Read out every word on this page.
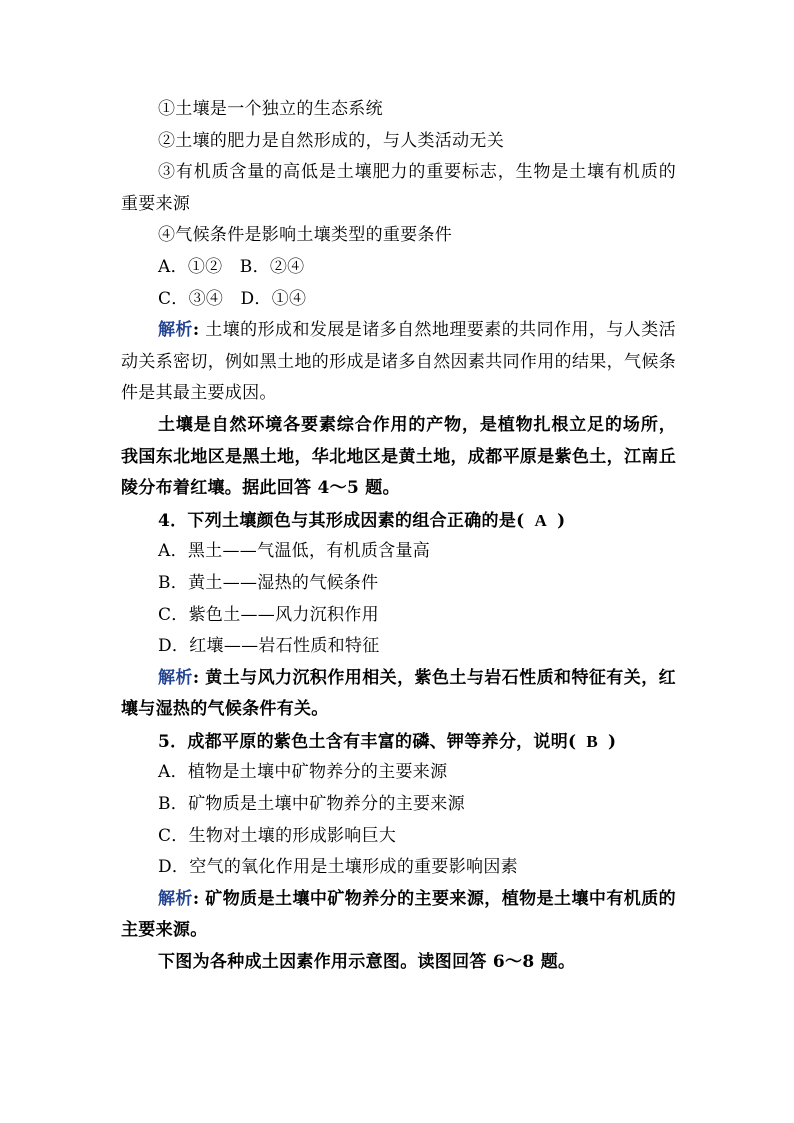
①土壤是一个独立的生态系统
②土壤的肥力是自然形成的，与人类活动无关
③有机质含量的高低是土壤肥力的重要标志，生物是土壤有机质的重要来源
④气候条件是影响土壤类型的重要条件
A．①②　B．②④
C．③④　D．①④
解析: 土壤的形成和发展是诸多自然地理要素的共同作用，与人类活动关系密切，例如黑土地的形成是诸多自然因素共同作用的结果，气候条件是其最主要成因。
土壤是自然环境各要素综合作用的产物，是植物扎根立足的场所，我国东北地区是黑土地，华北地区是黄土地，成都平原是紫色土，江南丘陵分布着红壤。据此回答 4～5 题。
4．下列土壤颜色与其形成因素的组合正确的是( A )
A．黑土——气温低，有机质含量高
B．黄土——湿热的气候条件
C．紫色土——风力沉积作用
D．红壤——岩石性质和特征
解析: 黄土与风力沉积作用相关，紫色土与岩石性质和特征有关，红壤与湿热的气候条件有关。
5．成都平原的紫色土含有丰富的磷、钾等养分，说明( B )
A．植物是土壤中矿物养分的主要来源
B．矿物质是土壤中矿物养分的主要来源
C．生物对土壤的形成影响巨大
D．空气的氧化作用是土壤形成的重要影响因素
解析: 矿物质是土壤中矿物养分的主要来源，植物是土壤中有机质的主要来源。
下图为各种成土因素作用示意图。读图回答 6～8 题。
